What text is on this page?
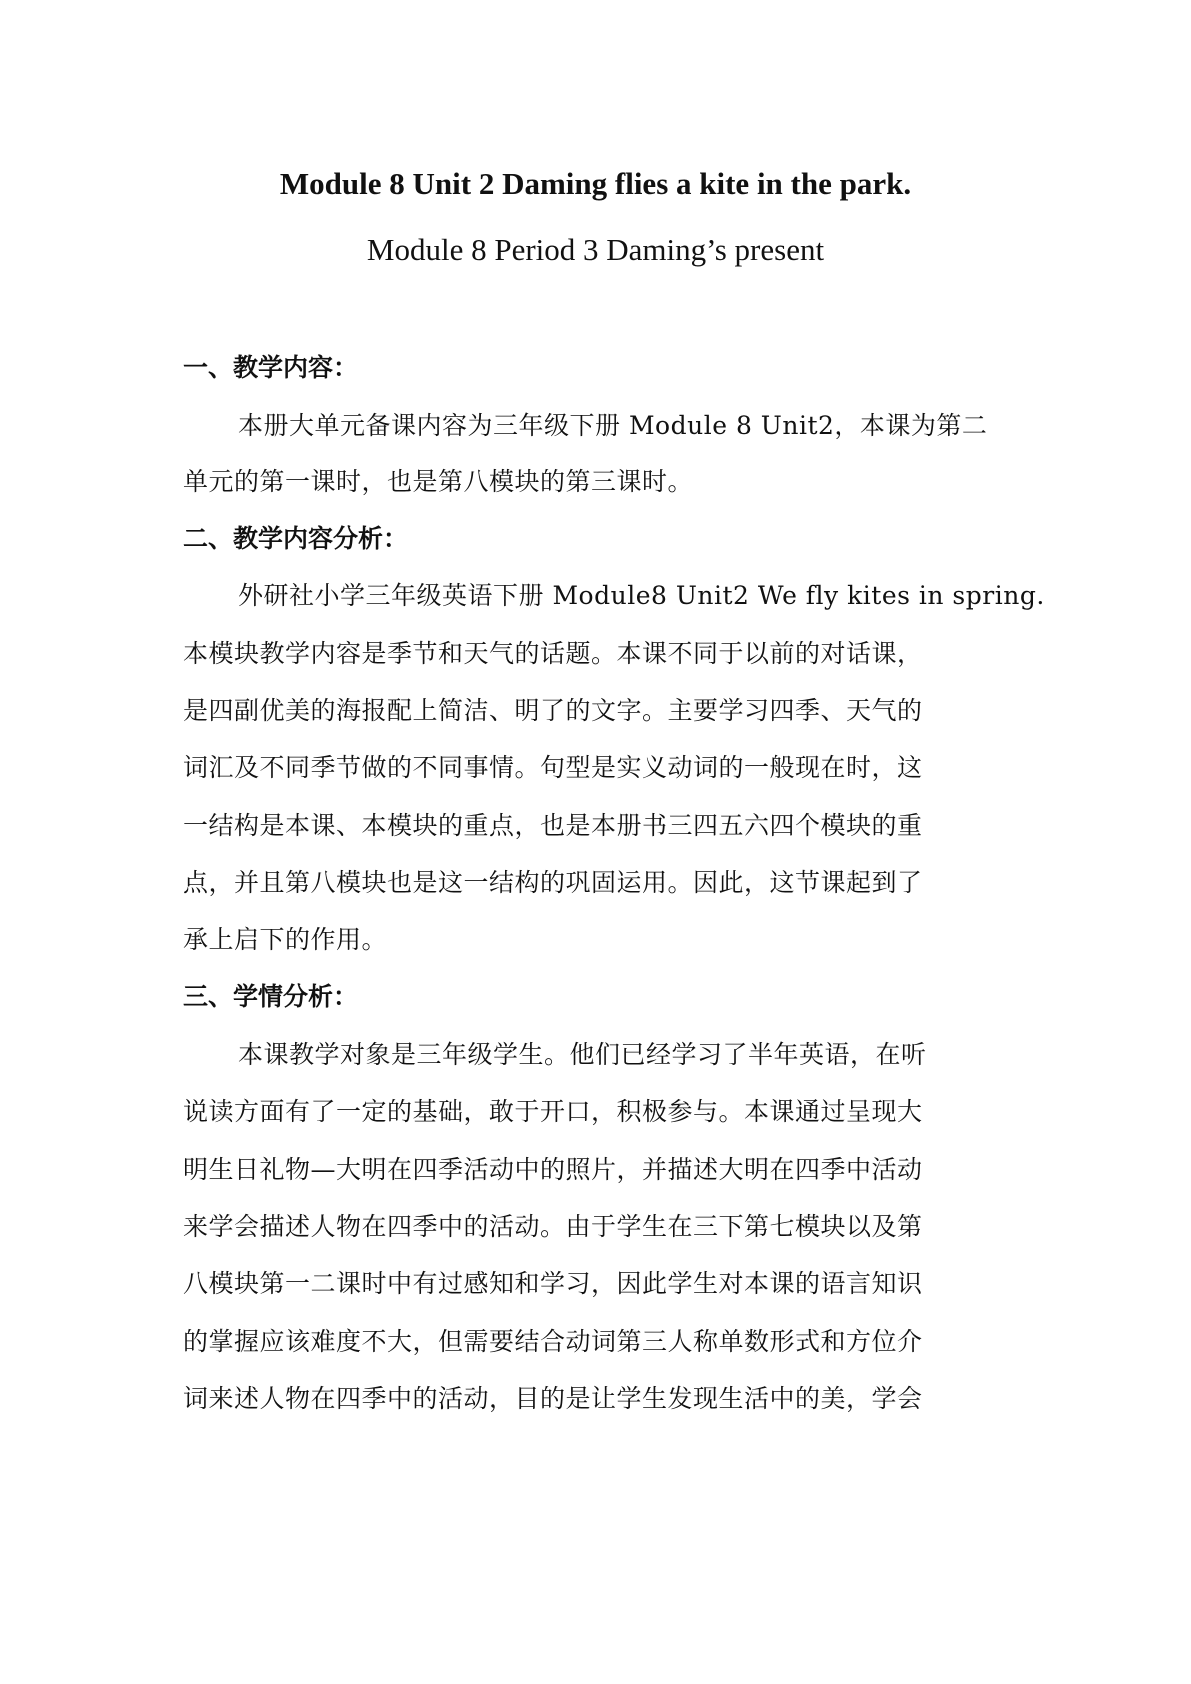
Module 8 Unit 2 Daming flies a kite in the park.
Module 8 Period 3 Daming’s present
一、教学内容：
本册大单元备课内容为三年级下册 Module 8 Unit2，本课为第二
单元的第一课时，也是第八模块的第三课时。
二、教学内容分析：
外研社小学三年级英语下册 Module8 Unit2 We fly kites in spring.
本模块教学内容是季节和天气的话题。本课不同于以前的对话课，
是四副优美的海报配上简洁、明了的文字。主要学习四季、天气的
词汇及不同季节做的不同事情。句型是实义动词的一般现在时，这
一结构是本课、本模块的重点，也是本册书三四五六四个模块的重
点，并且第八模块也是这一结构的巩固运用。因此，这节课起到了
承上启下的作用。
三、学情分析：
本课教学对象是三年级学生。他们已经学习了半年英语，在听
说读方面有了一定的基础，敢于开口，积极参与。本课通过呈现大
明生日礼物—大明在四季活动中的照片，并描述大明在四季中活动
来学会描述人物在四季中的活动。由于学生在三下第七模块以及第
八模块第一二课时中有过感知和学习，因此学生对本课的语言知识
的掌握应该难度不大，但需要结合动词第三人称单数形式和方位介
词来述人物在四季中的活动，目的是让学生发现生活中的美，学会
